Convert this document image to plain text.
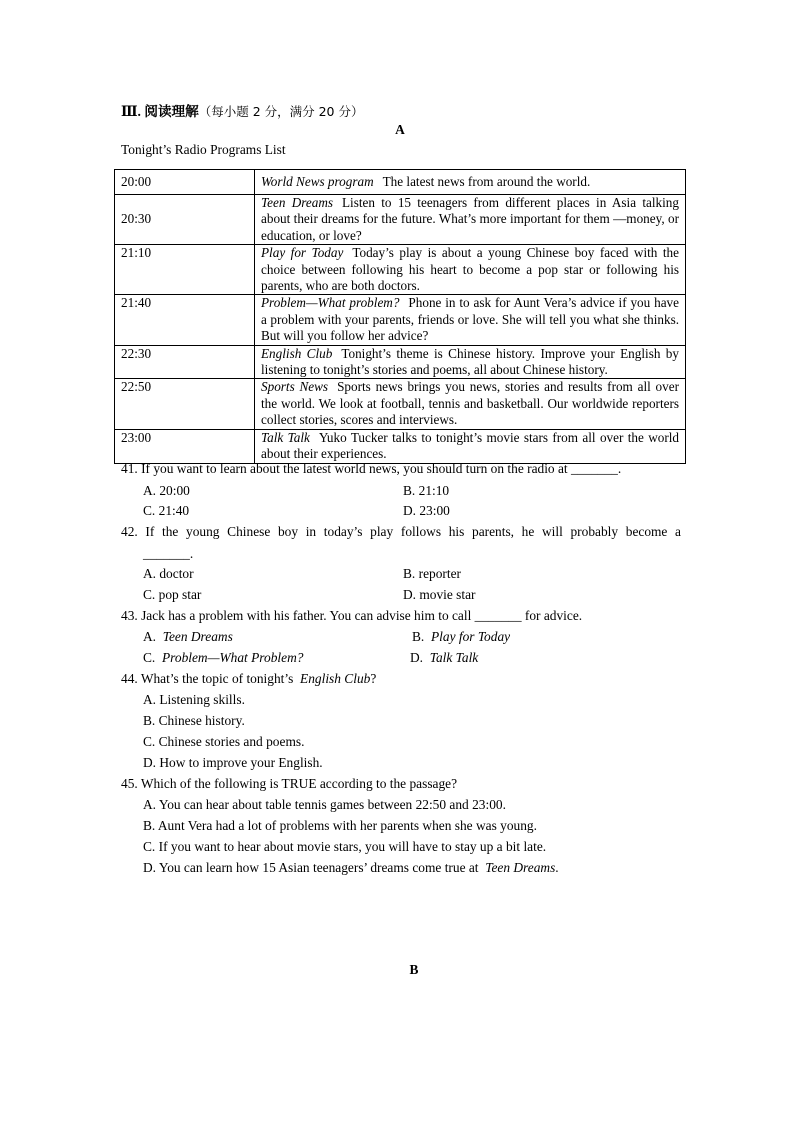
Ⅲ. 阅读理解（每小题 2 分，满分 20 分）
A
Tonight’s Radio Programs List
20:00	World News program The latest news from around the world.
20:30	Teen Dreams Listen to 15 teenagers from different places in Asia talking about their dreams for the future. What’s more important for them —money, or education, or love?
21:10	Play for Today Today’s play is about a young Chinese boy faced with the choice between following his heart to become a pop star or following his parents, who are both doctors.
21:40	Problem—What problem? Phone in to ask for Aunt Vera’s advice if you have a problem with your parents, friends or love. She will tell you what she thinks. But will you follow her advice?
22:30	English Club Tonight’s theme is Chinese history. Improve your English by listening to tonight’s stories and poems, all about Chinese history.
22:50	Sports News Sports news brings you news, stories and results from all over the world. We look at football, tennis and basketball. Our worldwide reporters collect stories, scores and interviews.
23:00	Talk Talk Yuko Tucker talks to tonight’s movie stars from all over the world about their experiences.
41. If you want to learn about the latest world news, you should turn on the radio at _______.
A. 20:00	B. 21:10
C. 21:40	D. 23:00
42. If the young Chinese boy in today’s play follows his parents, he will probably become a
_______.
A. doctor	B. reporter
C. pop star	D. movie star
43. Jack has a problem with his father. You can advise him to call _______ for advice.
A. Teen Dreams	B. Play for Today
C. Problem—What Problem?	D. Talk Talk
44. What’s the topic of tonight’s English Club?
A. Listening skills.
B. Chinese history.
C. Chinese stories and poems.
D. How to improve your English.
45. Which of the following is TRUE according to the passage?
A. You can hear about table tennis games between 22:50 and 23:00.
B. Aunt Vera had a lot of problems with her parents when she was young.
C. If you want to hear about movie stars, you will have to stay up a bit late.
D. You can learn how 15 Asian teenagers’ dreams come true at Teen Dreams.
B
